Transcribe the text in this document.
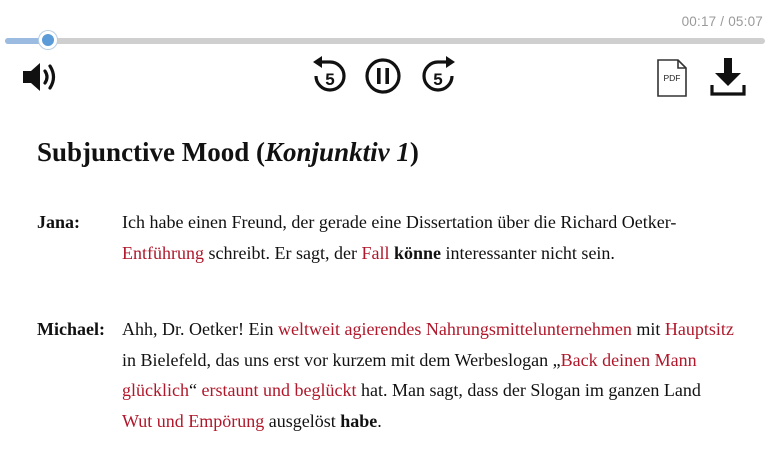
00:17 / 05:07
5	5	PDF
Subjunctive Mood (Konjunktiv 1)
Jana: Ich habe einen Freund, der gerade eine Dissertation über die Richard Oetker-Entführung schreibt. Er sagt, der Fall könne interessanter nicht sein.
Michael: Ahh, Dr. Oetker! Ein weltweit agierendes Nahrungsmittelunternehmen mit Hauptsitz in Bielefeld, das uns erst vor kurzem mit dem Werbeslogan „Back deinen Mann glücklich“ erstaunt und beglückt hat. Man sagt, dass der Slogan im ganzen Land Wut und Empörung ausgelöst habe.
